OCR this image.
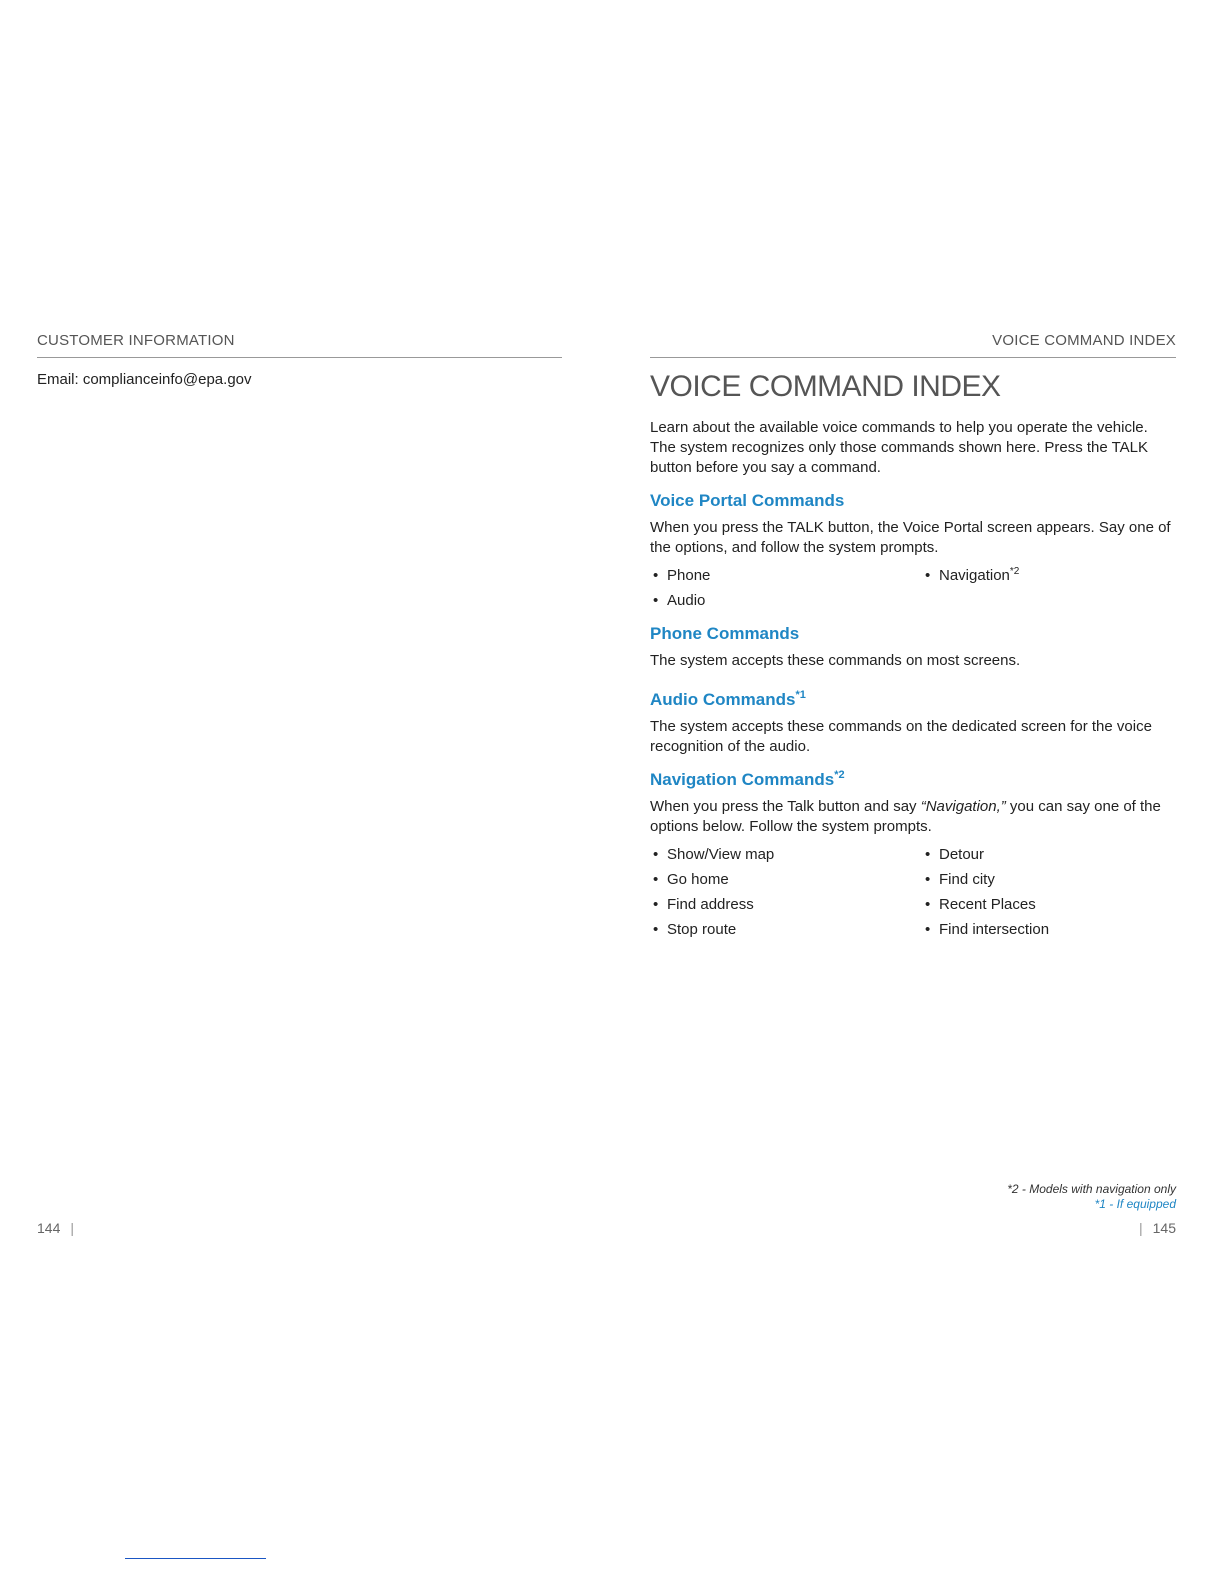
CUSTOMER INFORMATION
Email: complianceinfo@epa.gov
144 |
VOICE COMMAND INDEX
VOICE COMMAND INDEX

Learn about the available voice commands to help you operate the vehicle. The system recognizes only those commands shown here. Press the TALK button before you say a command.

Voice Portal Commands

When you press the TALK button, the Voice Portal screen appears. Say one of the options, and follow the system prompts.

• Phone	• Navigation$^{*2}$
• Audio
Phone Commands

The system accepts these commands on most screens.

Audio Commands$^{*1}$

The system accepts these commands on the dedicated screen for the voice recognition of the audio.

Navigation Commands$^{*2}$

When you press the Talk button and say “Navigation,” you can say one of the options below. Follow the system prompts.

• Show/View map	• Detour
• Go home	• Find city
• Find address	• Recent Places
• Stop route	• Find intersection
*2 - Models with navigation only
*1 - If equipped
| 145
